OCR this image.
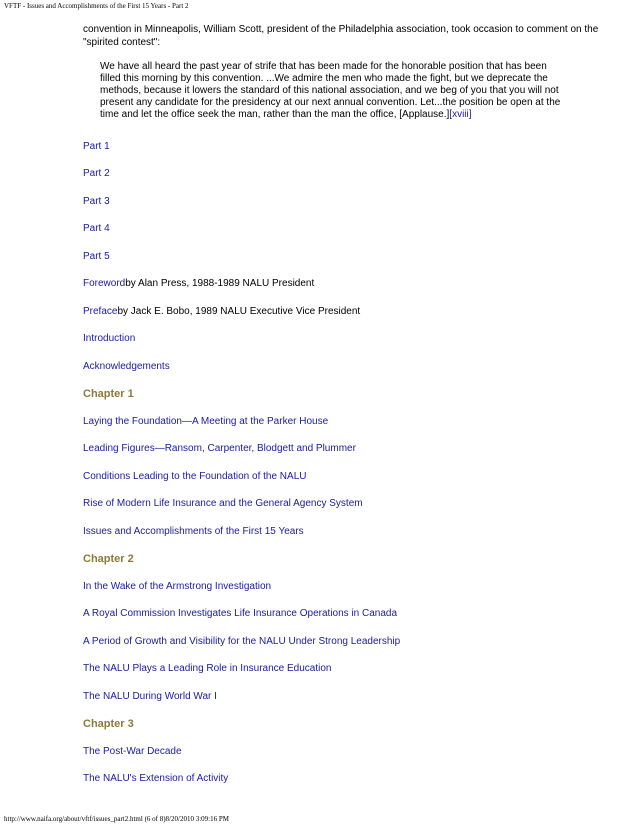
VFTF - Issues and Accomplishments of the First 15 Years - Part 2

convention in Minneapolis, William Scott, president of the Philadelphia association, took occasion to comment on the "spirited contest":

We have all heard the past year of strife that has been made for the honorable position that has been filled this morning by this convention. ...We admire the men who made the fight, but we deprecate the methods, because it lowers the standard of this national association, and we beg of you that you will not present any candidate for the presidency at our next annual convention. Let...the position be open at the time and let the office seek the man, rather than the man the office, [Applause.][xviii]
Part 1
Part 2
Part 3
Part 4
Part 5
Foreword by Alan Press, 1988-1989 NALU President
Preface by Jack E. Bobo, 1989 NALU Executive Vice President
Introduction
Acknowledgements
Chapter 1
Laying the Foundation—A Meeting at the Parker House
Leading Figures—Ransom, Carpenter, Blodgett and Plummer
Conditions Leading to the Foundation of the NALU
Rise of Modern Life Insurance and the General Agency System
Issues and Accomplishments of the First 15 Years
Chapter 2
In the Wake of the Armstrong Investigation
A Royal Commission Investigates Life Insurance Operations in Canada
A Period of Growth and Visibility for the NALU Under Strong Leadership
The NALU Plays a Leading Role in Insurance Education
The NALU During World War I
Chapter 3
The Post-War Decade
The NALU's Extension of Activity
http://www.naifa.org/about/vftf/issues_part2.html (6 of 8)8/20/2010 3:09:16 PM
